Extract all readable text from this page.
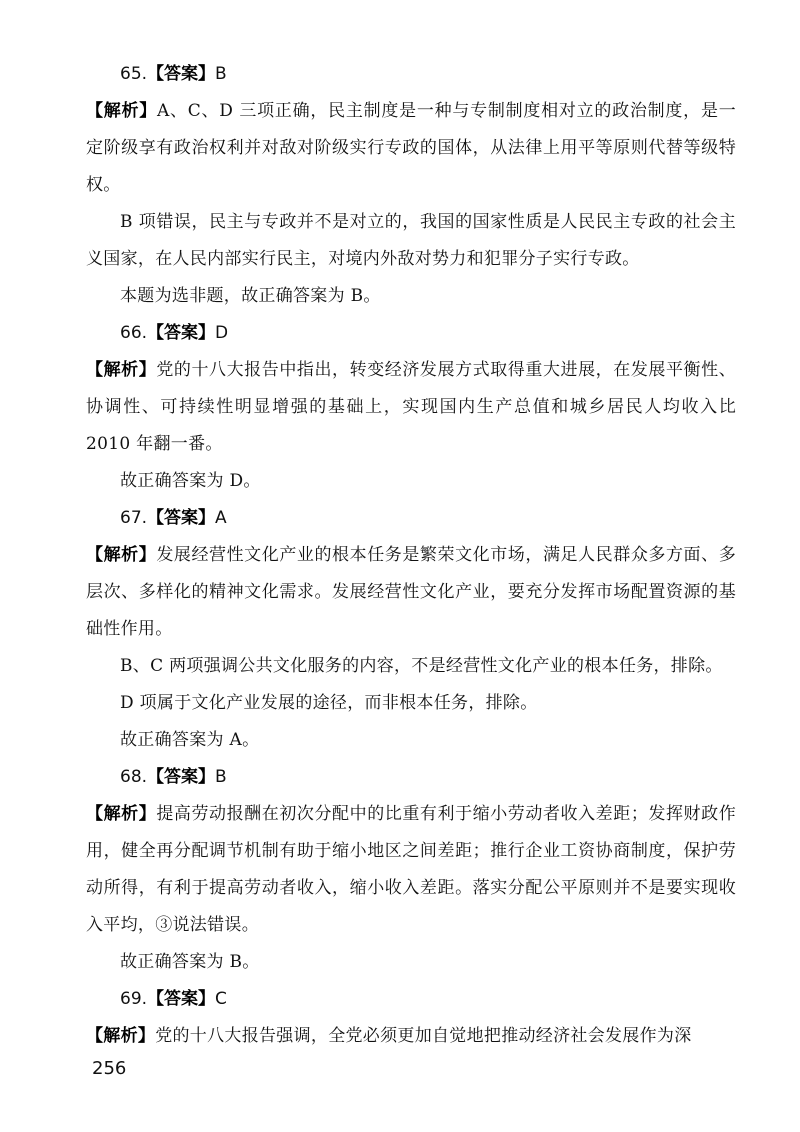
65.【答案】B

【解析】A、C、D 三项正确，民主制度是一种与专制制度相对立的政治制度，是一定阶级享有政治权利并对敌对阶级实行专政的国体，从法律上用平等原则代替等级特权。

B 项错误，民主与专政并不是对立的，我国的国家性质是人民民主专政的社会主义国家，在人民内部实行民主，对境内外敌对势力和犯罪分子实行专政。

本题为选非题，故正确答案为 B。

66.【答案】D

【解析】党的十八大报告中指出，转变经济发展方式取得重大进展，在发展平衡性、协调性、可持续性明显增强的基础上，实现国内生产总值和城乡居民人均收入比 2010 年翻一番。

故正确答案为 D。

67.【答案】A

【解析】发展经营性文化产业的根本任务是繁荣文化市场，满足人民群众多方面、多层次、多样化的精神文化需求。发展经营性文化产业，要充分发挥市场配置资源的基础性作用。

B、C 两项强调公共文化服务的内容，不是经营性文化产业的根本任务，排除。

D 项属于文化产业发展的途径，而非根本任务，排除。

故正确答案为 A。

68.【答案】B

【解析】提高劳动报酬在初次分配中的比重有利于缩小劳动者收入差距；发挥财政作用，健全再分配调节机制有助于缩小地区之间差距；推行企业工资协商制度，保护劳动所得，有利于提高劳动者收入，缩小收入差距。落实分配公平原则并不是要实现收入平均，③说法错误。

故正确答案为 B。

69.【答案】C

【解析】党的十八大报告强调，全党必须更加自觉地把推动经济社会发展作为深

256
